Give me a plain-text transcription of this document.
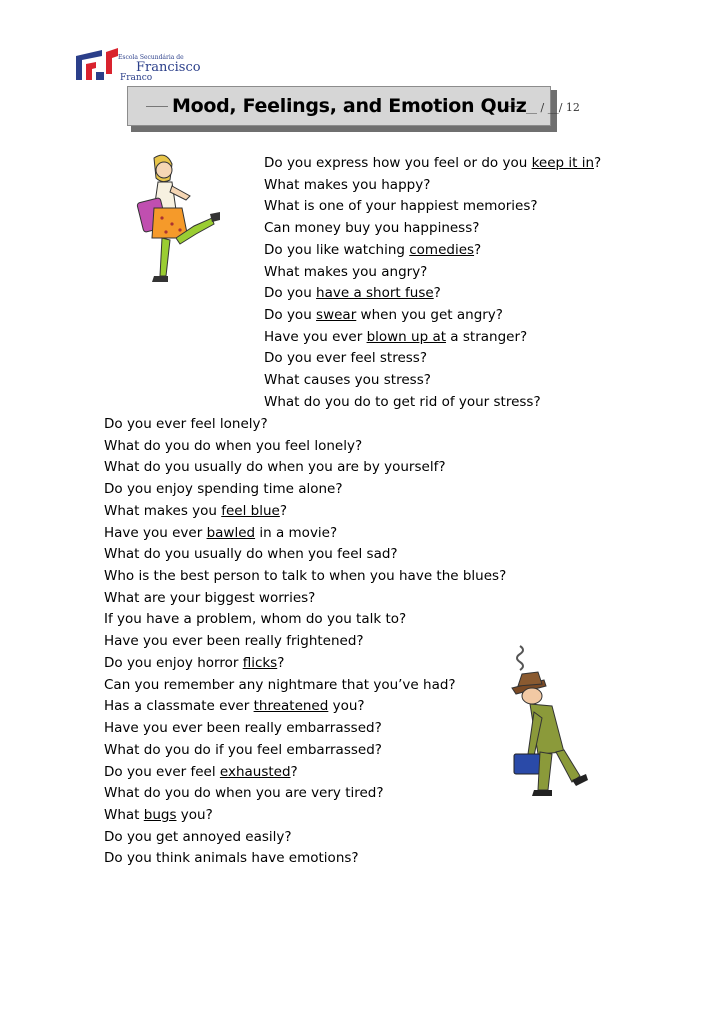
Escola Secundária de
Francisco
Franco
Mood, Feelings, and Emotion Quiz __ / __/ 12
Do you express how you feel or do you keep it in?
What makes you happy?
What is one of your happiest memories?
Can money buy you happiness?
Do you like watching comedies?
What makes you angry?
Do you have a short fuse?
Do you swear when you get angry?
Have you ever blown up at a stranger?
Do you ever feel stress?
What causes you stress?
What do you do to get rid of your stress?
Do you ever feel lonely?
What do you do when you feel lonely?
What do you usually do when you are by yourself?
Do you enjoy spending time alone?
What makes you feel blue?
Have you ever bawled in a movie?
What do you usually do when you feel sad?
Who is the best person to talk to when you have the blues?
What are your biggest worries?
If you have a problem, whom do you talk to?
Have you ever been really frightened?
Do you enjoy horror flicks?
Can you remember any nightmare that you’ve had?
Has a classmate ever threatened you?
Have you ever been really embarrassed?
What do you do if you feel embarrassed?
Do you ever feel exhausted?
What do you do when you are very tired?
What bugs you?
Do you get annoyed easily?
Do you think animals have emotions?
